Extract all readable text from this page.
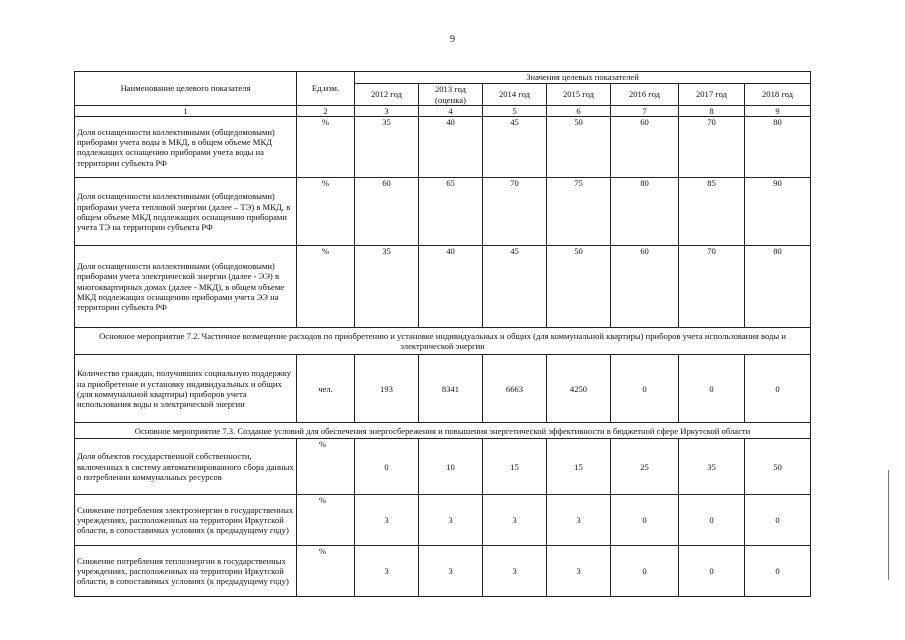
9
Наименование целевого показателя	Ед.изм.	Значения целевых показателей						
		2012 год	2013 год (оценка)	2014 год	2015 год	2016 год	2017 год	2018 год
1	2	3	4	5	6	7	8	9
Доля оснащенности коллективными (общедомовыми) приборами учета воды в МКД, в общем объеме МКД подлежащих оснащению приборами учета воды на территории субъекта РФ	%	35	40	45	50	60	70	80
Доля оснащенности коллективными (общедомовыми) приборами учета тепловой энергии (далее – ТЭ) в МКД, в общем объеме МКД подлежащих оснащению приборами учета ТЭ на территории субъекта РФ	%	60	65	70	75	80	85	90
Доля оснащенности коллективными (общедомовыми) приборами учета электрической энергии (далее - ЭЭ) в многоквартирных домах (далее - МКД), в общем объеме МКД подлежащих оснащению приборами учета ЭЭ на территории субъекта РФ	%	35	40	45	50	60	70	80
Основное мероприятие 7.2. Частичное возмещение расходов по приобретению и установке индивидуальных и общих (для коммунальной квартиры) приборов учета использования воды и электрической энергии								
Количество граждан, получивших социальную поддержку на приобретение и установку индивидуальных и общих (для коммунальной квартиры) приборов учета использования воды и электрической энергии	чел.	193	8341	6663	4250	0	0	0
Основное мероприятие 7.3. Создание условий для обеспечения энергосбережения и повышения энергетической эффективности в бюджетной сфере Иркутской области								
Доля объектов государственной собственности, включенных в систему автоматизированного сбора данных о потреблении коммунальных ресурсов	%	0	10	15	15	25	35	50
Снижение потребления электроэнергии в государственных учреждениях, расположенных на территории Иркутской области, в сопоставимых условиях (к предыдущему году)	%	3	3	3	3	0	0	0
Снижение потребления теплоэнергии в государственных учреждениях, расположенных на территории Иркутской области, в сопоставимых условиях (к предыдущему году)	%	3	3	3	3	0	0	0
